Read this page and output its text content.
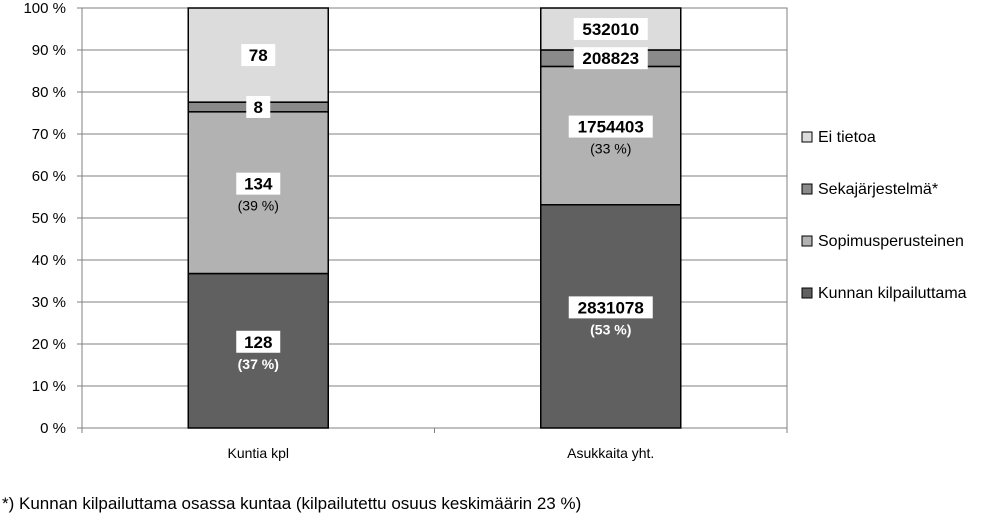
0 %
10 %
20 %
30 %
40 %
50 %
60 %
70 %
80 %
90 %
100 %
128
(37 %)
134
(39 %)
8
78
Kuntia kpl
2831078
(53 %)
1754403
(33 %)
208823
532010
Asukkaita yht.
Ei tietoa
Sekajärjestelmä*
Sopimusperusteinen
Kunnan kilpailuttama
*) Kunnan kilpailuttama osassa kuntaa (kilpailutettu osuus keskimäärin 23 %)
